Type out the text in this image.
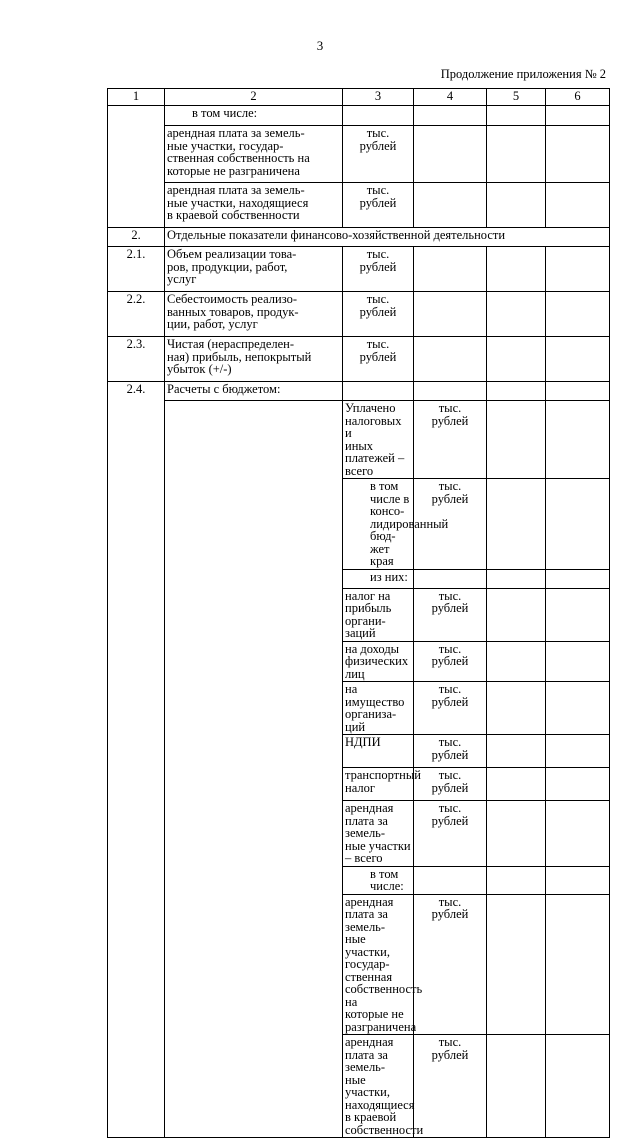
3
Продолжение приложения № 2
1	2	3	4	5	6	
	в том числе:					
	арендная плата за земель-
ные участки, государ-
ственная собственность на
которые не разграничена	тыс.
рублей				
	арендная плата за земель-
ные участки, находящиеся
в краевой собственности	тыс.
рублей				
2.	Отдельные показатели финансово-хозяйственной деятельности					
2.1.	Объем реализации това-
ров, продукции, работ,
услуг	тыс.
рублей				
2.2.	Себестоимость реализо-
ванных товаров, продук-
ции, работ, услуг	тыс.
рублей				
2.3.	Чистая (нераспределен-
ная) прибыль, непокрытый
убыток (+/-)	тыс.
рублей				
2.4.	Расчеты с бюджетом:					
		Уплачено налоговых и
иных платежей – всего	тыс.
рублей			
		в том числе в консо-
лидированный бюд-
жет края	тыс.
рублей			
		из них:				
		налог на прибыль органи-
заций	тыс.
рублей			
		на доходы физических лиц	тыс.
рублей			
		на имущество организа-
ций	тыс.
рублей			
		НДПИ	тыс.
рублей			
		транспортный налог	тыс.
рублей			
		арендная плата за земель-
ные участки – всего	тыс.
рублей			
		в том числе:				
		арендная плата за земель-
ные участки, государ-
ственная собственность на
которые не разграничена	тыс.
рублей			
		арендная плата за земель-
ные участки, находящиеся
в краевой собственности	тыс.
рублей			
